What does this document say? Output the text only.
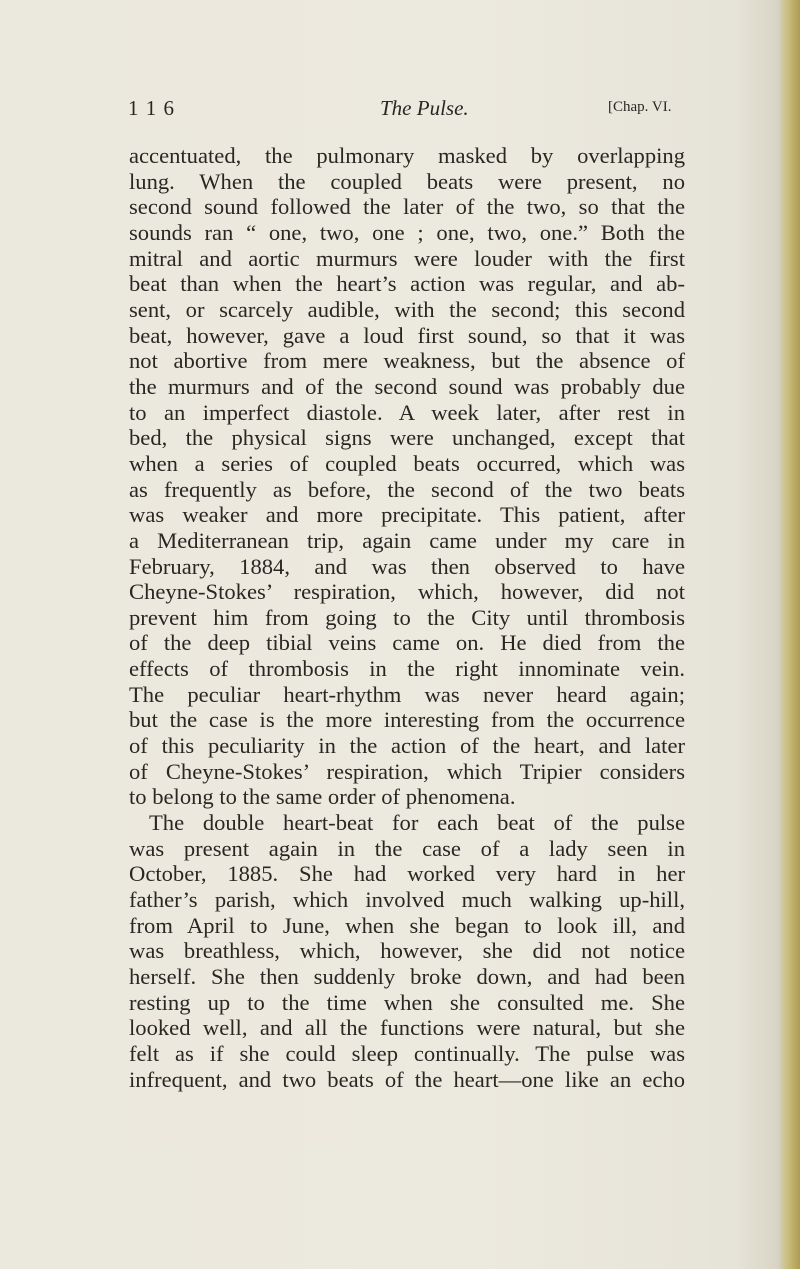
1 1 6	The Pulse.	[Chap. VI.
accentuated, the pulmonary masked by overlapping
lung. When the coupled beats were present, no
second sound followed the later of the two, so that the
sounds ran “ one, two, one ; one, two, one.” Both the
mitral and aortic murmurs were louder with the first
beat than when the heart’s action was regular, and ab-
sent, or scarcely audible, with the second; this second
beat, however, gave a loud first sound, so that it was
not abortive from mere weakness, but the absence of
the murmurs and of the second sound was probably due
to an imperfect diastole. A week later, after rest in
bed, the physical signs were unchanged, except that
when a series of coupled beats occurred, which was
as frequently as before, the second of the two beats
was weaker and more precipitate. This patient, after
a Mediterranean trip, again came under my care in
February, 1884, and was then observed to have
Cheyne-Stokes’ respiration, which, however, did not
prevent him from going to the City until thrombosis
of the deep tibial veins came on. He died from the
effects of thrombosis in the right innominate vein.
The peculiar heart-rhythm was never heard again;
but the case is the more interesting from the occurrence
of this peculiarity in the action of the heart, and later
of Cheyne-Stokes’ respiration, which Tripier considers
to belong to the same order of phenomena.
The double heart-beat for each beat of the pulse
was present again in the case of a lady seen in
October, 1885. She had worked very hard in her
father’s parish, which involved much walking up-hill,
from April to June, when she began to look ill, and
was breathless, which, however, she did not notice
herself. She then suddenly broke down, and had been
resting up to the time when she consulted me. She
looked well, and all the functions were natural, but she
felt as if she could sleep continually. The pulse was
infrequent, and two beats of the heart—one like an echo
